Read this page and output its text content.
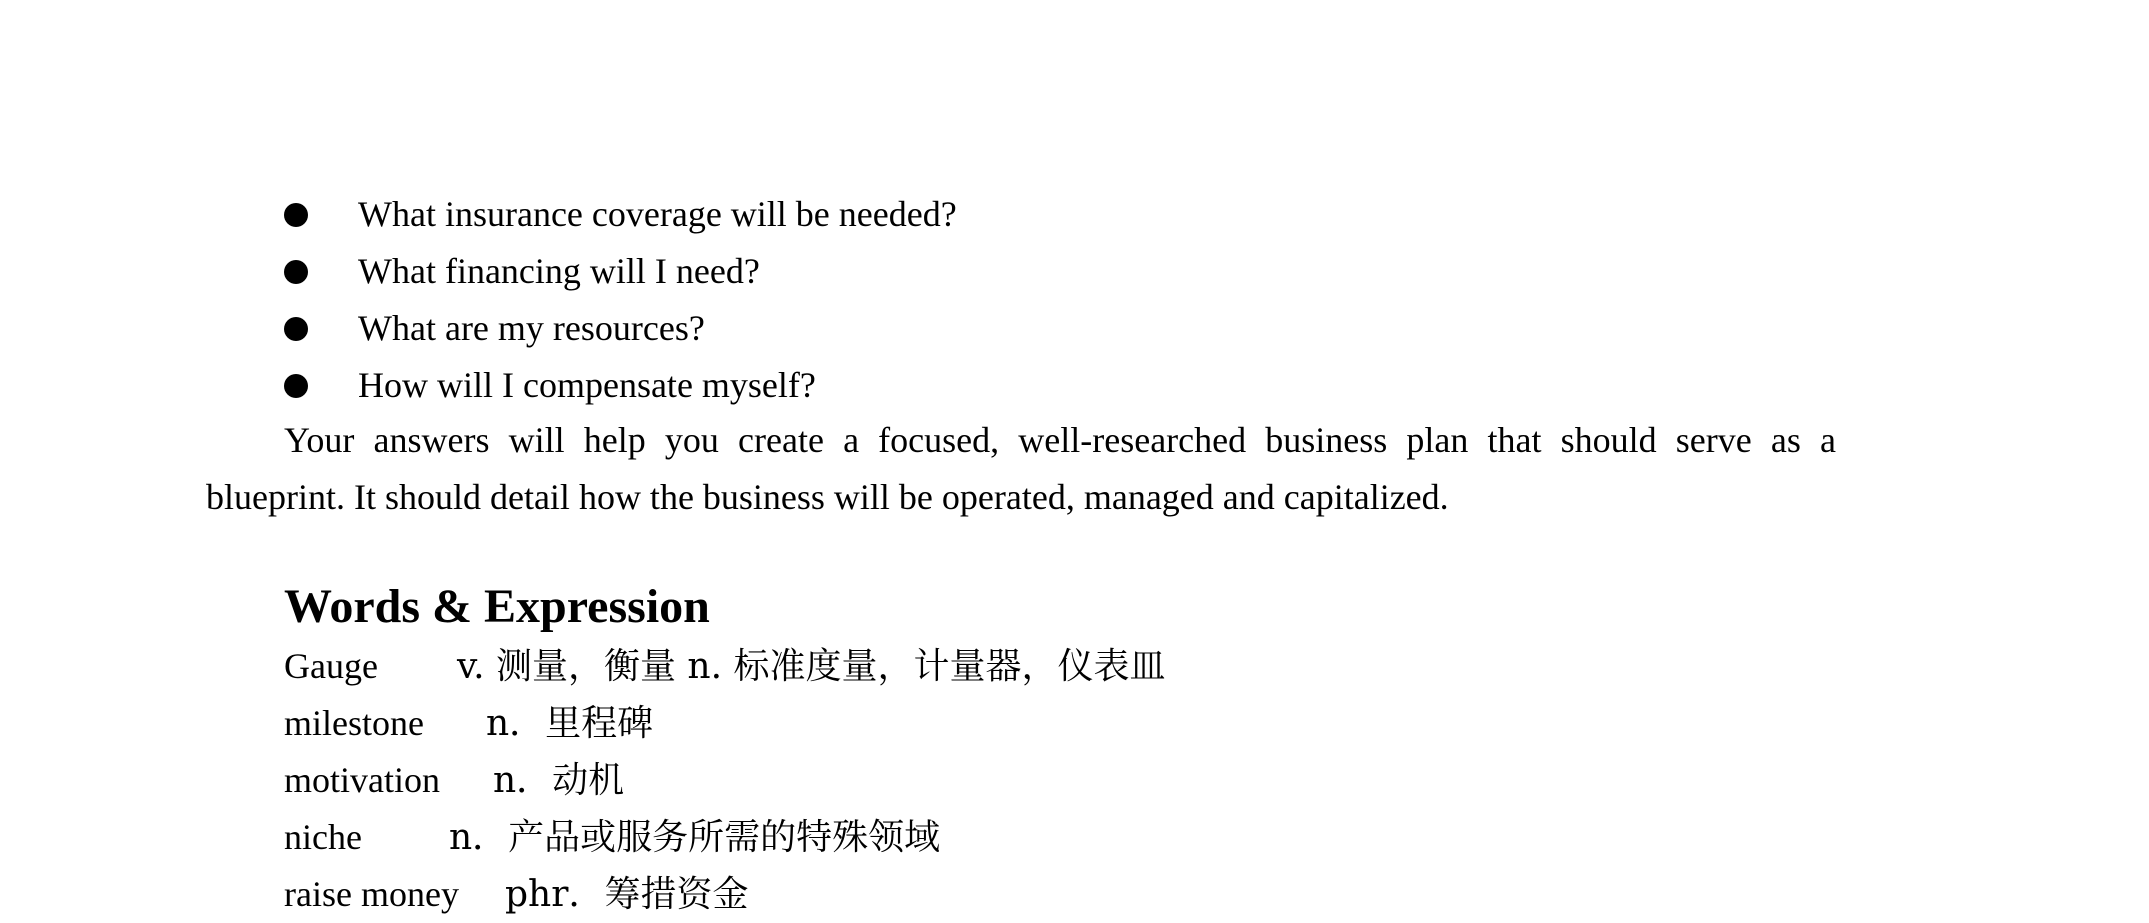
What insurance coverage will be needed?
What financing will I need?
What are my resources?
How will I compensate myself?
Your answers will help you create a focused, well-researched business plan that should serve as a
blueprint. It should detail how the business will be operated, managed and capitalized.
Words & Expression
Gauge	v. 测量，衡量 n. 标准度量，计量器，仪表皿
milestone	n．里程碑
motivation	n．动机
niche	n．产品或服务所需的特殊领域
raise money	phr．筹措资金
